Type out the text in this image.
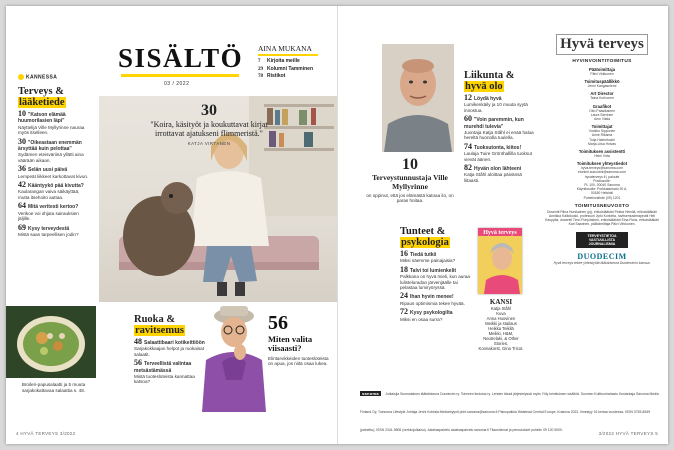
KANNESSA
SISÄLTÖ
03 / 2022
AINA MUKANA
7 Kirjoita meille
29 Kolumni Tamminen
78 Ristikot
Terveys &
lääketiede
10 "Katson elämää huumorilasien läpi"
Näyttelijä Ville Myllyrinne nauraa myös itselleen.
30 "Oikeastaan enemmän ärsyttää kuin pelottaa"
Sydämen eteisväriinä yllätti aina väärään aikaan.
36 Selän uusi päivä
Lempeät liikkeet karkottavat kivun.
42 Kääntyykö pää kivutta?
Kaularangan vaiva säikäyttää, mutta itsehoito auttaa.
64 Mitä veritesti kertoo?
Verikoe voi ohjata sairauksien jäljille.
69 Kysy terveydestä
Mistä saan tarpeellisen jodin?
30
"Koira, käsityöt ja koukuttavat kirjat irrottavat ajatukseni flimmeristä."
KATJA VIRTANEN
Broileri-papusalaatti ja 5 muuta sarjakokattavaa salaattia s. 48.
Ruoka &
ravitsemus
48 Salaattibaari kotikeittiöön
Sarjakokkaajan helpot ja ruokaisat salaatit.
56 Terveellistä valintaa metsästämässä
Mistä tuotesloteista kannattaa katsoa?
56
Miten valita viisaasti?
Elintarvikkeiden tuotesloteista on apua, jos niitä osaa lukea.
4 HYVÄ TERVEYS 3/2022
10
Terveystunnustaja Ville Myllyrinne
on oppinut, että jos elämästä katoaa ilo, on paras hoitaa.
Liikunta &
hyvä olo
12 Löydä hyvä
Lumikenkäily ja 10 muuta syytä innostua.
60 "Voin paremmin, kun murehdi tulevia"
Juontaja Katja Ståhl ei enää halua hereltä huonolla tuulella.
74 Tuoksutonta, kiitos!
Laulaja Tuire Grönthallilla tuoksut vievät äänen.
82 Hyvän olon lähteeni
Katja Ståhl aloittaa päivänsä liitaasti.
Tunteet &
psykologia
16 Tiedä tutkii
Miksi näemme painajaisia?
18 Talvi toi lumienkelit
Palkkana on hyvä mieli, kun auraa lulisteluradan järvenjäälle tai pelastaa lumiryöryssä.
24 Ihan hyvin menee!
Ripaus optimismia tekee hyvää.
72 Kysy psykologilta
Miksi en osaa surra?
Hyvä terveys
KANSI
Katja Ståhl
Kuva
Anna Huovinen
Meikki ja stailaus
Heikka Teikilä
Meikki, H&M,
Neutrelaki, & Other Stories,
Konnakorst, Gina Tricot.
Hyvä terveys
HYVINVOINTITOIMITUS
Päätoimittaja
Päivi Virkkunen
Toimituspäällikkö
Jenni Kangasniemi
Art Director
Taina Korhonen
Graafikot
Otto Paasikainen
Laura Sievinen
Aino Viiala
Toimittajat
Vuokko Sipponen
Anne Rikama
Tuija Halmekoski
Marja-Liisa Hoivas
Toimituksen assistentti
Heini Virta
Toimituksen yhteystiedot
hyva.terveys@sanoma.com
etunimi.sukunimi@sanoma.com
hyvaterveys.fi | paluute
Postiosoite:
PL 100, 00040 Sanoma
Käyntiosoite: Porkkalankatu 30 A,
00180 Helsinki
Puhelinvaihde (09) 1201
TOIMITUSNEUVOSTO
Dosentti Riina Hurskainen (pj), erikoislääkäri Pekka Heinilä, erikoislääkäri Annikka Kalliokoski, professori Jyrki Korkeila, ravitsemusterapeutti Heli Kauppila, dosentti Timo Pohjolainen, erikoislääkäri Eina Roos, erikoislääkäri Kari Saarinen, päätoimittaja Päivi Virkkunen.
TERVEYSTIETOA VASTUULLISTA JOURNALISMIA
DUODECIM
Hyvä terveys tekee yhteistyötä lääkäriseura Duodecimin kanssa.
sanoma Julkaisija Suomalainen lääkäriseura Duodecim ry. Toimeen tiedotus ry. Lehden tässä järjestelyssä myös Yöly toimituksen sisältöä. Suomen Kulttuurirahasto Kustantaja Sanoma Media Finland Oy, Tuesoma Lifestyle Johtaja Jenni Kohtala Mediamyynti print.sanoma@sanoma.fi Painopaikka Walstead Central Europe, Krakova 2022. Ilmestyy 16 kertaa vuodessa. ISSN 0783-8549 (painettu), ISSN 2341-9806 (verkkojulkaisu). Asiakaspalvelu asiakaspalvelu.sanoma.fi Tilaushinnat ja peruutukset puhelin 09 120 5000.
3/2022 HYVÄ TERVEYS 5
